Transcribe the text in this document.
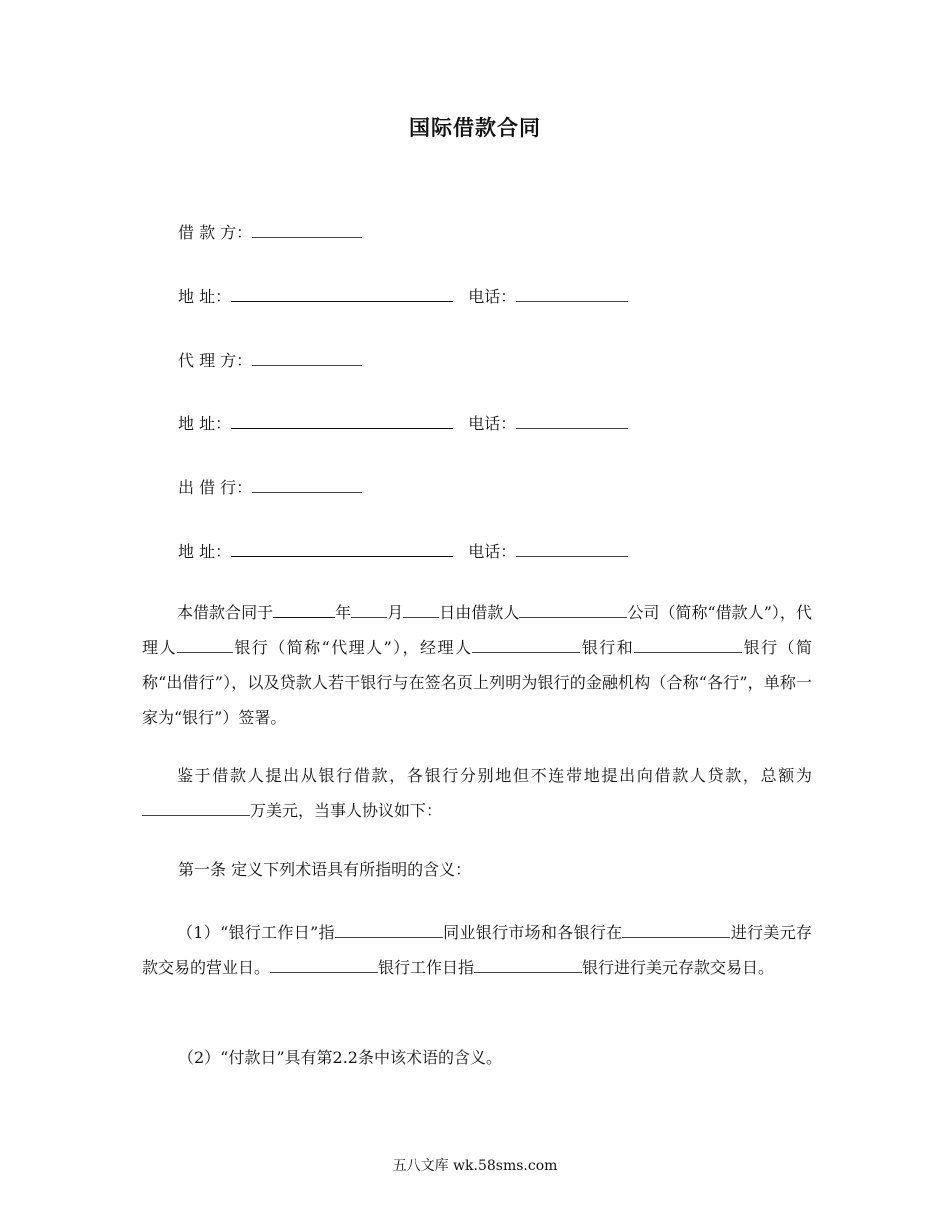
国际借款合同
借 款 方：
地 址：	电话：
代 理 方：
地 址：	电话：
出 借 行：
地 址：	电话：
本借款合同于	年 月 日由借款人	公司（简称“借款人”），代理人	银行（简称“代理人”），经理人	银行和	银行（简称“出借行”），以及贷款人若干银行与在签名页上列明为银行的金融机构（合称“各行”，单称一家为“银行”）签署。
鉴于借款人提出从银行借款，各银行分别地但不连带地提出向借款人贷款，总额为万美元，当事人协议如下：
第一条 定义下列术语具有所指明的含义：
（1）“银行工作日”指	同业银行市场和各银行在	进行美元存款交易的营业日。	银行工作日指	银行进行美元存款交易日。
（2）“付款日”具有第2.2条中该术语的含义。
五八文库 wk.58sms.com
